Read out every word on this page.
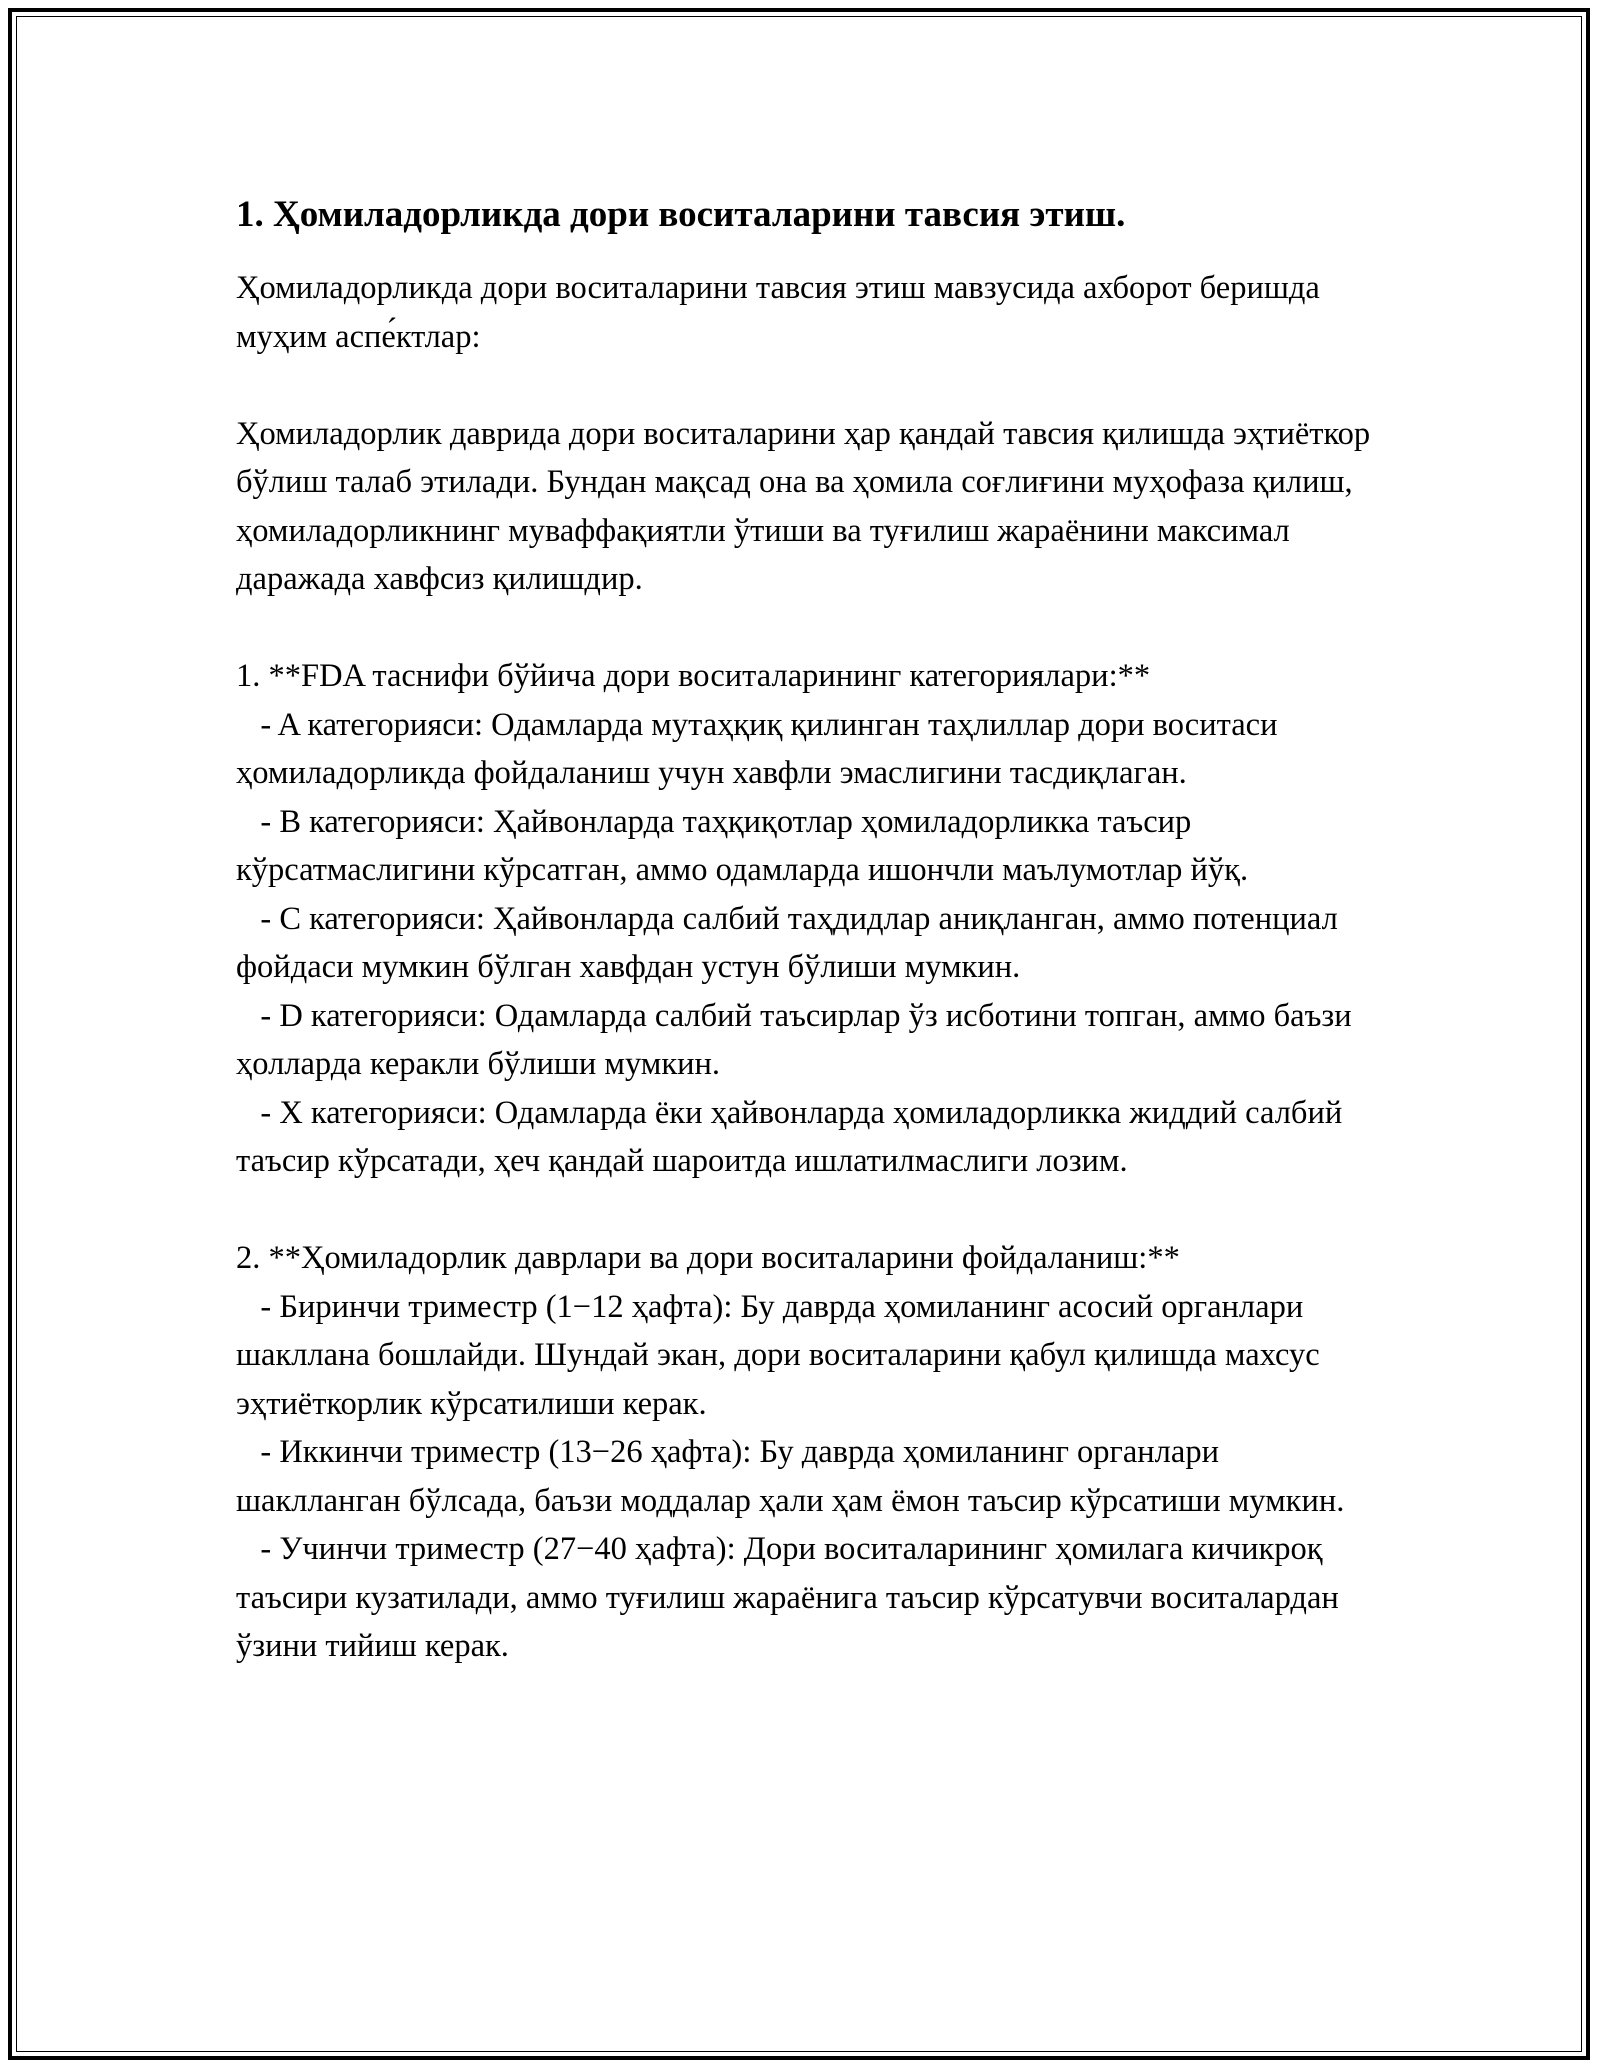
1. Ҳомиладорликда дори воситаларини тавсия этиш.

Ҳомиладорликда дори воситаларини тавсия этиш мавзусида ахборот беришда муҳим аспе́ктлар:

Ҳомиладорлик даврида дори воситаларини ҳар қандай тавсия қилишда эҳтиёткор бўлиш талаб этилади. Бундан мақсад она ва ҳомила соғлиғини муҳофаза қилиш, ҳомиладорликнинг муваффақиятли ўтиши ва туғилиш жараёнини максимал даражада хавфсиз қилишдир.

1. **FDA таснифи бўйича дори воситаларининг категориялари:**
- A категорияси: Одамларда мутаҳқиқ қилинган таҳлиллар дори воситаси ҳомиладорликда фойдаланиш учун хавфли эмаслигини тасдиқлаган.
- B категорияси: Ҳайвонларда таҳқиқотлар ҳомиладорликка таъсир кўрсатмаслигини кўрсатган, аммо одамларда ишончли маълумотлар йўқ.
- C категорияси: Ҳайвонларда салбий таҳдидлар аниқланган, аммо потенциал фойдаси мумкин бўлган хавфдан устун бўлиши мумкин.
- D категорияси: Одамларда салбий таъсирлар ўз исботини топган, аммо баъзи ҳолларда керакли бўлиши мумкин.
- X категорияси: Одамларда ёки ҳайвонларда ҳомиладорликка жиддий салбий таъсир кўрсатади, ҳеч қандай шароитда ишлатилмаслиги лозим.
2. **Ҳомиладорлик даврлари ва дори воситаларини фойдаланиш:**
- Биринчи триместр (1−12 ҳафта): Бу даврда ҳомиланинг асосий органлари шакллана бошлайди. Шундай экан, дори воситаларини қабул қилишда махсус эҳтиёткорлик кўрсатилиши керак.
- Иккинчи триместр (13−26 ҳафта): Бу даврда ҳомиланинг органлари шаклланган бўлсада, баъзи моддалар ҳали ҳам ёмон таъсир кўрсатиши мумкин.
- Учинчи триместр (27−40 ҳафта): Дори воситаларининг ҳомилага кичикроқ таъсири кузатилади, аммо туғилиш жараёнига таъсир кўрсатувчи воситалардан ўзини тийиш керак.
